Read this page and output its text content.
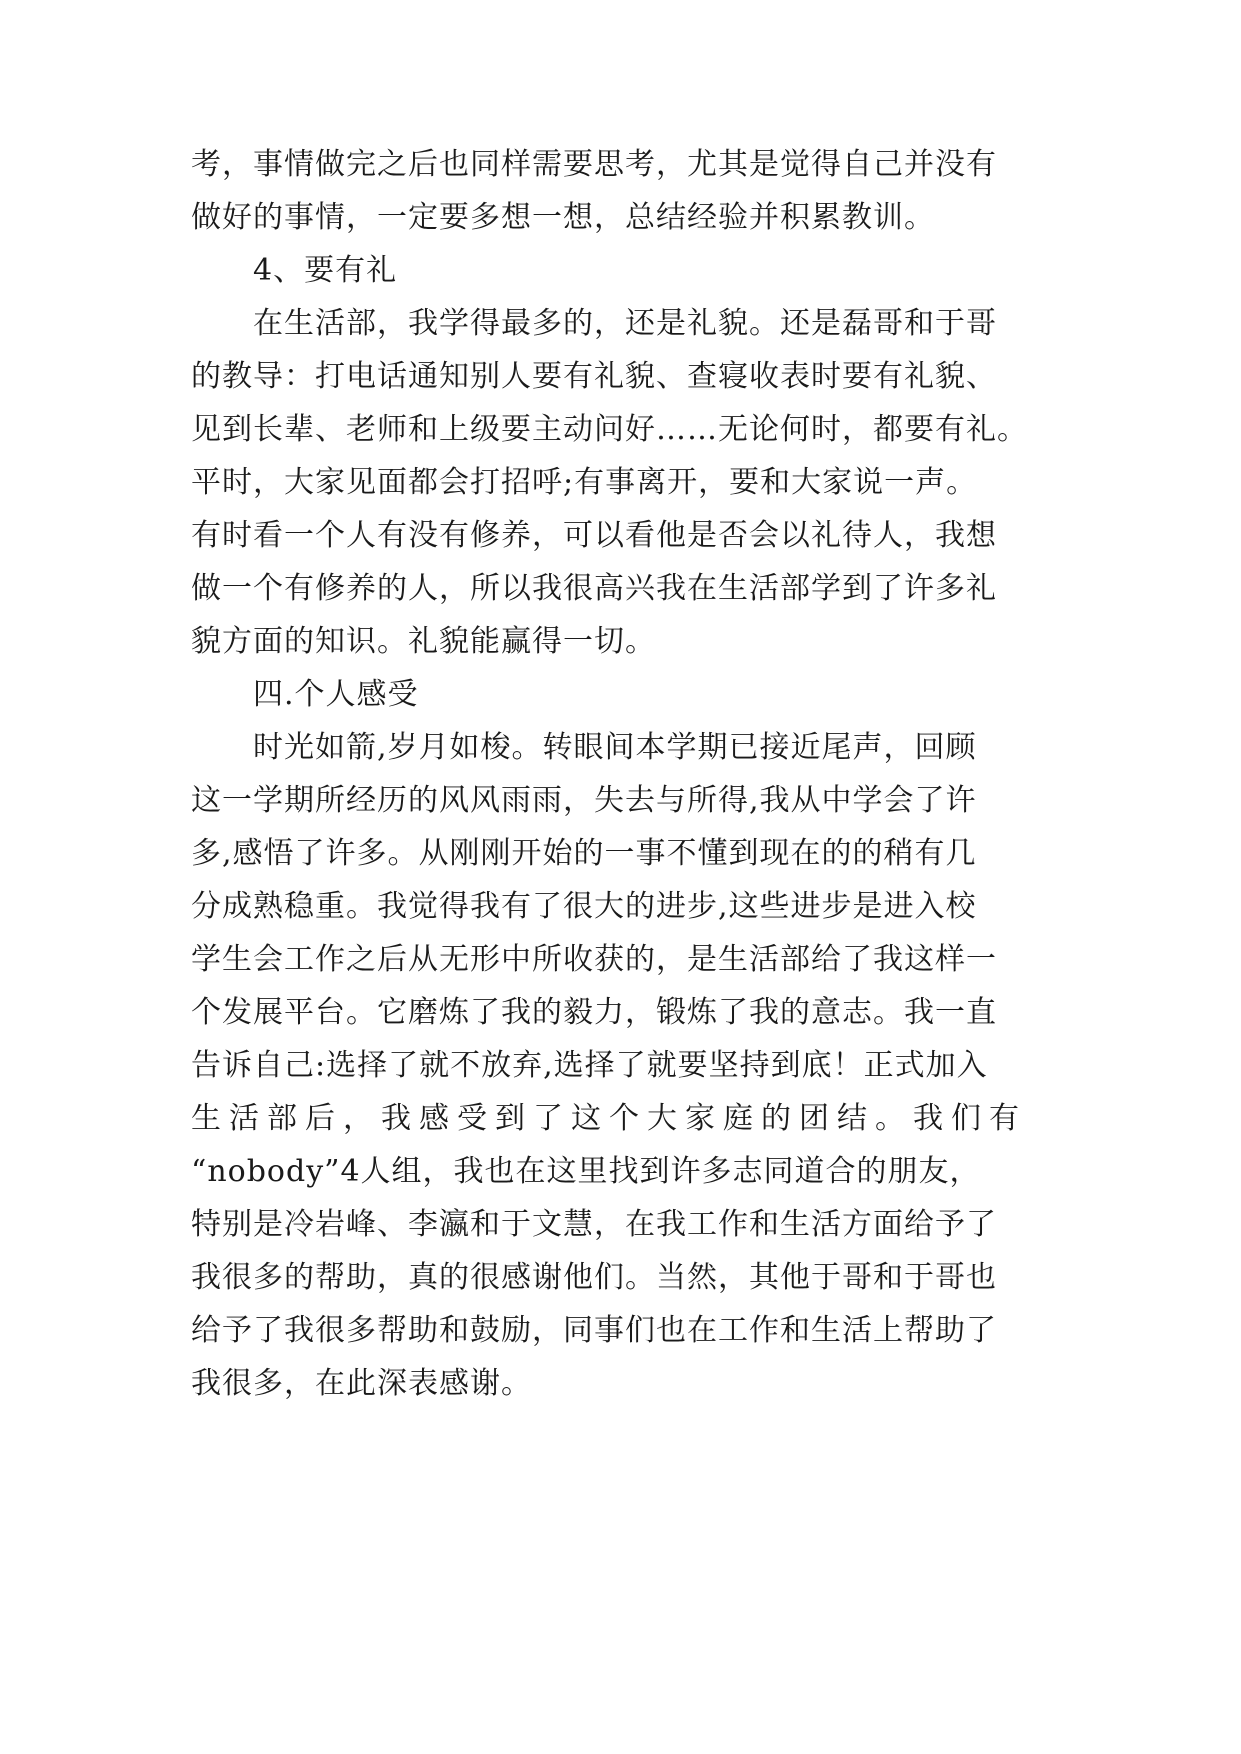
考，事情做完之后也同样需要思考，尤其是觉得自己并没有
做好的事情，一定要多想一想，总结经验并积累教训。
4、要有礼
在生活部，我学得最多的，还是礼貌。还是磊哥和于哥
的教导：打电话通知别人要有礼貌、查寝收表时要有礼貌、
见到长辈、老师和上级要主动问好……无论何时，都要有礼。
平时，大家见面都会打招呼;有事离开，要和大家说一声。
有时看一个人有没有修养，可以看他是否会以礼待人，我想
做一个有修养的人，所以我很高兴我在生活部学到了许多礼
貌方面的知识。礼貌能赢得一切。
四.个人感受
时光如箭,岁月如梭。转眼间本学期已接近尾声，回顾
这一学期所经历的风风雨雨，失去与所得,我从中学会了许
多,感悟了许多。从刚刚开始的一事不懂到现在的的稍有几
分成熟稳重。我觉得我有了很大的进步,这些进步是进入校
学生会工作之后从无形中所收获的，是生活部给了我这样一
个发展平台。它磨炼了我的毅力，锻炼了我的意志。我一直
告诉自己:选择了就不放弃,选择了就要坚持到底！正式加入
生活部后，我感受到了这个大家庭的团结。我们有
“nobody”4人组，我也在这里找到许多志同道合的朋友，
特别是冷岩峰、李瀛和于文慧，在我工作和生活方面给予了
我很多的帮助，真的很感谢他们。当然，其他于哥和于哥也
给予了我很多帮助和鼓励，同事们也在工作和生活上帮助了
我很多，在此深表感谢。
